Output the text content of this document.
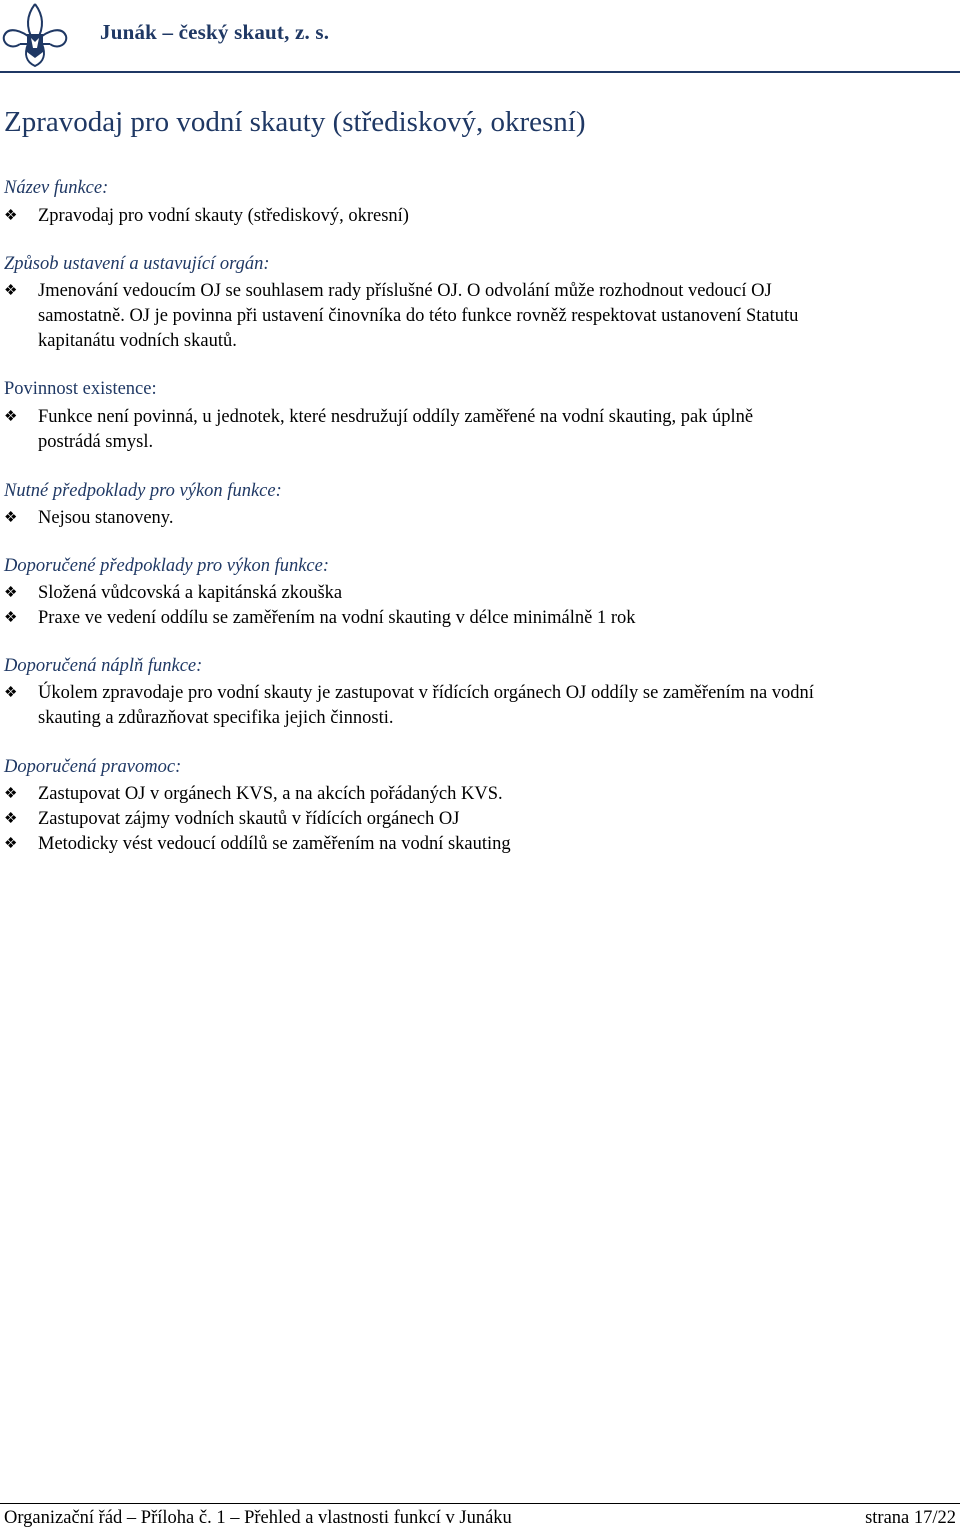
Junák – český skaut, z. s.
Zpravodaj pro vodní skauty (střediskový, okresní)
Název funkce:
❖	Zpravodaj pro vodní skauty (střediskový, okresní)
Způsob ustavení a ustavující orgán:
❖	Jmenování vedoucím OJ se souhlasem rady příslušné OJ. O odvolání může rozhodnout vedoucí OJ
samostatně. OJ je povinna při ustavení činovníka do této funkce rovněž respektovat ustanovení Statutu
kapitanátu vodních skautů.
Povinnost existence:
❖	Funkce není povinná, u jednotek, které nesdružují oddíly zaměřené na vodní skauting, pak úplně
postrádá smysl.
Nutné předpoklady pro výkon funkce:
❖	Nejsou stanoveny.
Doporučené předpoklady pro výkon funkce:
❖	Složená vůdcovská a kapitánská zkouška
❖	Praxe ve vedení oddílu se zaměřením na vodní skauting v délce minimálně 1 rok
Doporučená náplň funkce:
❖	Úkolem zpravodaje pro vodní skauty je zastupovat v řídících orgánech OJ oddíly se zaměřením na vodní
skauting a zdůrazňovat specifika jejich činnosti.
Doporučená pravomoc:
❖	Zastupovat OJ v orgánech KVS, a na akcích pořádaných KVS.
❖	Zastupovat zájmy vodních skautů v řídících orgánech OJ
❖	Metodicky vést vedoucí oddílů se zaměřením na vodní skauting
Organizační řád – Příloha č. 1 – Přehled a vlastnosti funkcí v Junáku	strana 17/22
